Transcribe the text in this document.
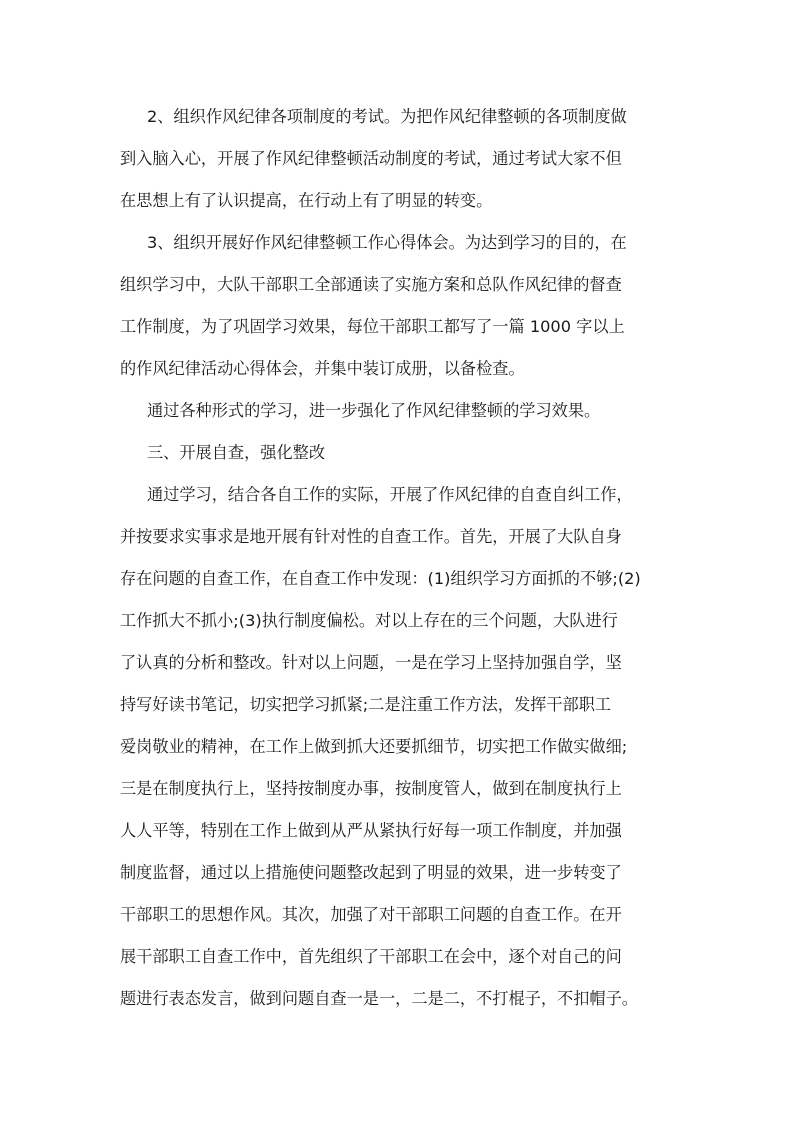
2、组织作风纪律各项制度的考试。为把作风纪律整顿的各项制度做
到入脑入心，开展了作风纪律整顿活动制度的考试，通过考试大家不但
在思想上有了认识提高，在行动上有了明显的转变。
3、组织开展好作风纪律整顿工作心得体会。为达到学习的目的，在
组织学习中，大队干部职工全部通读了实施方案和总队作风纪律的督查
工作制度，为了巩固学习效果，每位干部职工都写了一篇 1000 字以上
的作风纪律活动心得体会，并集中装订成册，以备检查。
通过各种形式的学习，进一步强化了作风纪律整顿的学习效果。
三、开展自查，强化整改
通过学习，结合各自工作的实际，开展了作风纪律的自查自纠工作，
并按要求实事求是地开展有针对性的自查工作。首先，开展了大队自身
存在问题的自查工作，在自查工作中发现：(1)组织学习方面抓的不够;(2)
工作抓大不抓小;(3)执行制度偏松。对以上存在的三个问题，大队进行
了认真的分析和整改。针对以上问题，一是在学习上坚持加强自学，坚
持写好读书笔记，切实把学习抓紧;二是注重工作方法，发挥干部职工
爱岗敬业的精神，在工作上做到抓大还要抓细节，切实把工作做实做细;
三是在制度执行上，坚持按制度办事，按制度管人，做到在制度执行上
人人平等，特别在工作上做到从严从紧执行好每一项工作制度，并加强
制度监督，通过以上措施使问题整改起到了明显的效果，进一步转变了
干部职工的思想作风。其次，加强了对干部职工问题的自查工作。在开
展干部职工自查工作中，首先组织了干部职工在会中，逐个对自己的问
题进行表态发言，做到问题自查一是一，二是二，不打棍子，不扣帽子。
